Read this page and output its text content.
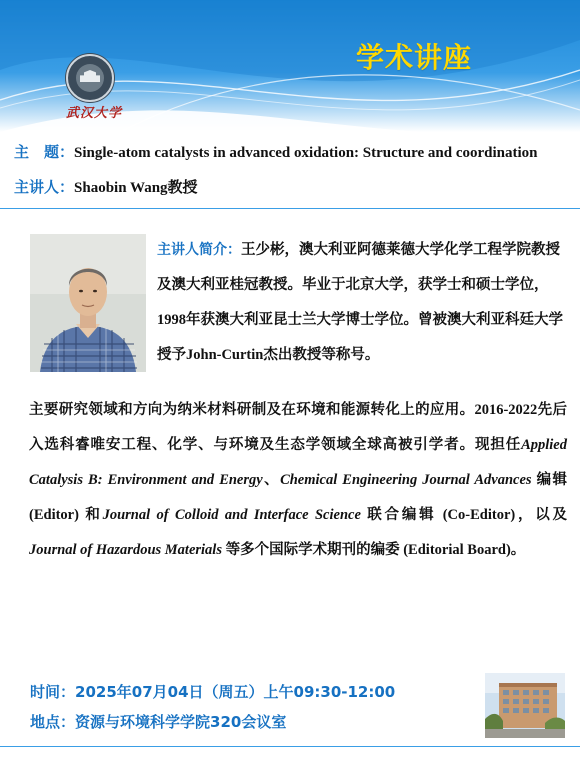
武汉大学
学术讲座
主　题：Single-atom catalysts in advanced oxidation: Structure and coordination
主讲人：Shaobin Wang教授
主讲人简介：王少彬，澳大利亚阿德莱德大学化学工程学院教授及澳大利亚桂冠教授。毕业于北京大学，获学士和硕士学位，1998年获澳大利亚昆士兰大学博士学位。曾被澳大利亚科廷大学授予John-Curtin杰出教授等称号。
主要研究领域和方向为纳米材料研制及在环境和能源转化上的应用。2016-2022先后入选科睿唯安工程、化学、与环境及生态学领域全球高被引学者。现担任Applied Catalysis B: Environment and Energy、Chemical Engineering Journal Advances 编辑 (Editor) 和Journal of Colloid and Interface Science 联合编辑 (Co-Editor)，以及 Journal of Hazardous Materials 等多个国际学术期刊的编委 (Editorial Board)。
时间：2025年07月04日（周五）上午09:30-12:00
地点：资源与环境科学学院320会议室
